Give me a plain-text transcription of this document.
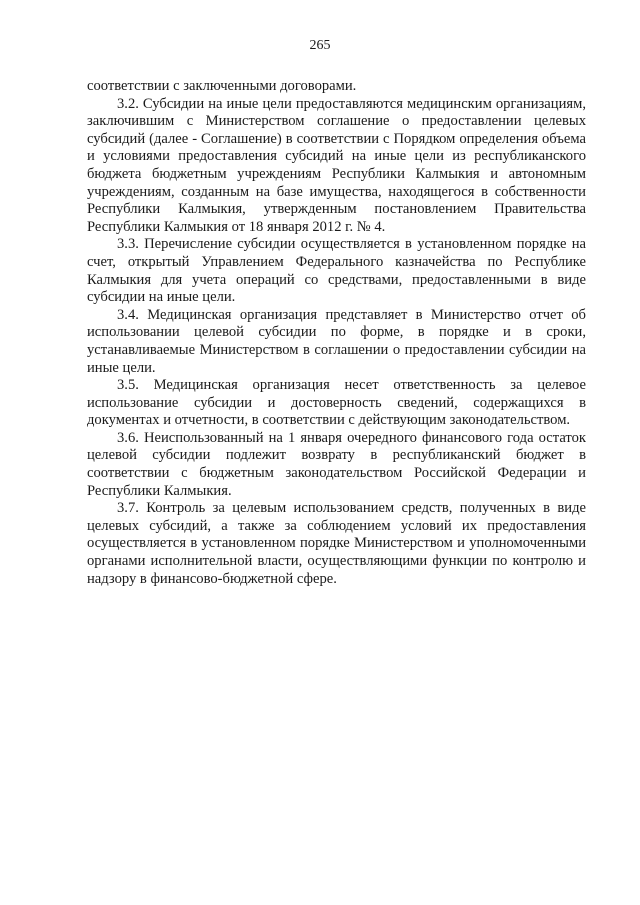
265

соответствии с заключенными договорами.

3.2. Субсидии на иные цели предоставляются медицинским организациям, заключившим с Министерством соглашение о предоставлении целевых субсидий (далее - Соглашение) в соответствии с Порядком определения объема и условиями предоставления субсидий на иные цели из республиканского бюджета бюджетным учреждениям Республики Калмыкия и автономным учреждениям, созданным на базе имущества, находящегося в собственности Республики Калмыкия, утвержденным постановлением Правительства Республики Калмыкия от 18 января 2012 г. № 4.

3.3. Перечисление субсидии осуществляется в установленном порядке на счет, открытый Управлением Федерального казначейства по Республике Калмыкия для учета операций со средствами, предоставленными в виде субсидии на иные цели.

3.4. Медицинская организация представляет в Министерство отчет об использовании целевой субсидии по форме, в порядке и в сроки, устанавливаемые Министерством в соглашении о предоставлении субсидии на иные цели.

3.5. Медицинская организация несет ответственность за целевое использование субсидии и достоверность сведений, содержащихся в документах и отчетности, в соответствии с действующим законодательством.

3.6. Неиспользованный на 1 января очередного финансового года остаток целевой субсидии подлежит возврату в республиканский бюджет в соответствии с бюджетным законодательством Российской Федерации и Республики Калмыкия.

3.7. Контроль за целевым использованием средств, полученных в виде целевых субсидий, а также за соблюдением условий их предоставления осуществляется в установленном порядке Министерством и уполномоченными органами исполнительной власти, осуществляющими функции по контролю и надзору в финансово-бюджетной сфере.
